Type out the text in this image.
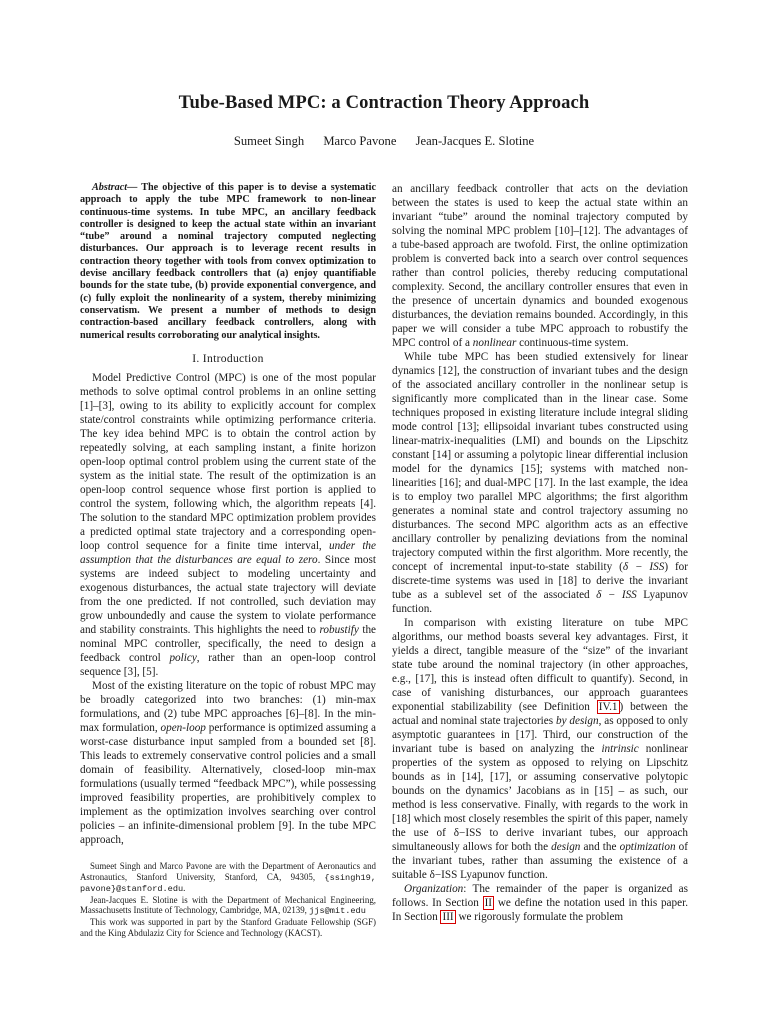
Tube-Based MPC: a Contraction Theory Approach
Sumeet Singh Marco Pavone Jean-Jacques E. Slotine

Abstract— The objective of this paper is to devise a systematic approach to apply the tube MPC framework to non-linear continuous-time systems. In tube MPC, an ancillary feedback controller is designed to keep the actual state within an invariant “tube” around a nominal trajectory computed neglecting disturbances. Our approach is to leverage recent results in contraction theory together with tools from convex optimization to devise ancillary feedback controllers that (a) enjoy quantifiable bounds for the state tube, (b) provide exponential convergence, and (c) fully exploit the nonlinearity of a system, thereby minimizing conservatism. We present a number of methods to design contraction-based ancillary feedback controllers, along with numerical results corroborating our analytical insights.

I. Introduction

Model Predictive Control (MPC) is one of the most popular methods to solve optimal control problems in an online setting [1]–[3], owing to its ability to explicitly account for complex state/control constraints while optimizing performance criteria. The key idea behind MPC is to obtain the control action by repeatedly solving, at each sampling instant, a finite horizon open-loop optimal control problem using the current state of the system as the initial state. The result of the optimization is an open-loop control sequence whose first portion is applied to control the system, following which, the algorithm repeats [4]. The solution to the standard MPC optimization problem provides a predicted optimal state trajectory and a corresponding open-loop control sequence for a finite time interval, under the assumption that the disturbances are equal to zero. Since most systems are indeed subject to modeling uncertainty and exogenous disturbances, the actual state trajectory will deviate from the one predicted. If not controlled, such deviation may grow unboundedly and cause the system to violate performance and stability constraints. This highlights the need to robustify the nominal MPC controller, specifically, the need to design a feedback control policy, rather than an open-loop control sequence [3], [5].

Most of the existing literature on the topic of robust MPC may be broadly categorized into two branches: (1) min-max formulations, and (2) tube MPC approaches [6]–[8]. In the min-max formulation, open-loop performance is optimized assuming a worst-case disturbance input sampled from a bounded set [8]. This leads to extremely conservative control policies and a small domain of feasibility. Alternatively, closed-loop min-max formulations (usually termed “feedback MPC”), while possessing improved feasibility properties, are prohibitively complex to implement as the optimization involves searching over control policies – an infinite-dimensional problem [9]. In the tube MPC approach,

Sumeet Singh and Marco Pavone are with the Department of Aeronautics and Astronautics, Stanford University, Stanford, CA, 94305, {ssingh19, pavone}@stanford.edu.

Jean-Jacques E. Slotine is with the Department of Mechanical Engineering, Massachusetts Institute of Technology, Cambridge, MA, 02139, jjs@mit.edu

This work was supported in part by the Stanford Graduate Fellowship (SGF) and the King Abdulaziz City for Science and Technology (KACST).

an ancillary feedback controller that acts on the deviation between the states is used to keep the actual state within an invariant “tube” around the nominal trajectory computed by solving the nominal MPC problem [10]–[12]. The advantages of a tube-based approach are twofold. First, the online optimization problem is converted back into a search over control sequences rather than control policies, thereby reducing computational complexity. Second, the ancillary controller ensures that even in the presence of uncertain dynamics and bounded exogenous disturbances, the deviation remains bounded. Accordingly, in this paper we will consider a tube MPC approach to robustify the MPC control of a nonlinear continuous-time system.

While tube MPC has been studied extensively for linear dynamics [12], the construction of invariant tubes and the design of the associated ancillary controller in the nonlinear setup is significantly more complicated than in the linear case. Some techniques proposed in existing literature include integral sliding mode control [13]; ellipsoidal invariant tubes constructed using linear-matrix-inequalities (LMI) and bounds on the Lipschitz constant [14] or assuming a polytopic linear differential inclusion model for the dynamics [15]; systems with matched non-linearities [16]; and dual-MPC [17]. In the last example, the idea is to employ two parallel MPC algorithms; the first algorithm generates a nominal state and control trajectory assuming no disturbances. The second MPC algorithm acts as an effective ancillary controller by penalizing deviations from the nominal trajectory computed within the first algorithm. More recently, the concept of incremental input-to-state stability (δ − ISS) for discrete-time systems was used in [18] to derive the invariant tube as a sublevel set of the associated δ − ISS Lyapunov function.

In comparison with existing literature on tube MPC algorithms, our method boasts several key advantages. First, it yields a direct, tangible measure of the “size” of the invariant state tube around the nominal trajectory (in other approaches, e.g., [17], this is instead often difficult to quantify). Second, in case of vanishing disturbances, our approach guarantees exponential stabilizability (see Definition IV.1 ) between the actual and nominal state trajectories by design, as opposed to only asymptotic guarantees in [17]. Third, our construction of the invariant tube is based on analyzing the intrinsic nonlinear properties of the system as opposed to relying on Lipschitz bounds as in [14], [17], or assuming conservative polytopic bounds on the dynamics’ Jacobians as in [15] – as such, our method is less conservative. Finally, with regards to the work in [18] which most closely resembles the spirit of this paper, namely the use of δ−ISS to derive invariant tubes, our approach simultaneously allows for both the design and the optimization of the invariant tubes, rather than assuming the existence of a suitable δ−ISS Lyapunov function.

Organization: The remainder of the paper is organized as follows. In Section II we define the notation used in this paper. In Section III we rigorously formulate the problem
